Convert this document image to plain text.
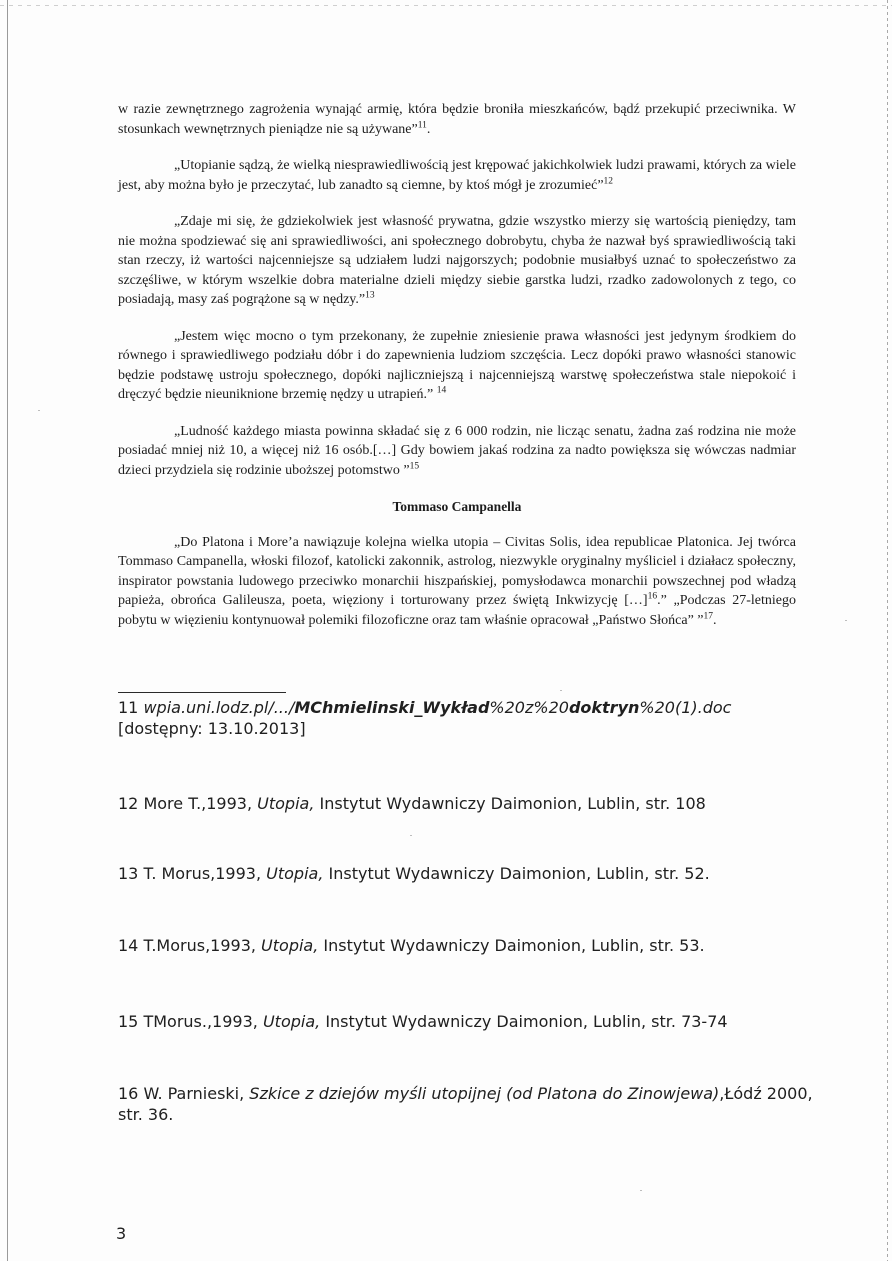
w razie zewnętrznego zagrożenia wynająć armię, która będzie broniła mieszkańców, bądź przekupić przeciwnika. W stosunkach wewnętrznych pieniądze nie są używane”$^{11}$.

„Utopianie sądzą, że wielką niesprawiedliwością jest krępować jakichkolwiek ludzi prawami, których za wiele jest, aby można było je przeczytać, lub zanadto są ciemne, by ktoś mógł je zrozumieć”$^{12}$

„Zdaje mi się, że gdziekolwiek jest własność prywatna, gdzie wszystko mierzy się wartością pieniędzy, tam nie można spodziewać się ani sprawiedliwości, ani społecznego dobrobytu, chyba że nazwał byś sprawiedliwością taki stan rzeczy, iż wartości najcenniejsze są udziałem ludzi najgorszych; podobnie musiałbyś uznać to społeczeństwo za szczęśliwe, w którym wszelkie dobra materialne dzieli między siebie garstka ludzi, rzadko zadowolonych z tego, co posiadają, masy zaś pogrążone są w nędzy.”$^{13}$

„Jestem więc mocno o tym przekonany, że zupełnie zniesienie prawa własności jest jedynym środkiem do równego i sprawiedliwego podziału dóbr i do zapewnienia ludziom szczęścia. Lecz dopóki prawo własności stanowic będzie podstawę ustroju społecznego, dopóki najliczniejszą i najcenniejszą warstwę społeczeństwa stale niepokoić i dręczyć będzie nieuniknione brzemię nędzy u utrapień.” $^{14}$

„Ludność każdego miasta powinna składać się z 6 000 rodzin, nie licząc senatu, żadna zaś rodzina nie może posiadać mniej niż 10, a więcej niż 16 osób.[…] Gdy bowiem jakaś rodzina za nadto powiększa się wówczas nadmiar dzieci przydziela się rodzinie uboższej potomstwo ”$^{15}$

Tommaso Campanella

„Do Platona i More’a nawiązuje kolejna wielka utopia – Civitas Solis, idea republicae Platonica. Jej twórca Tommaso Campanella, włoski filozof, katolicki zakonnik, astrolog, niezwykle oryginalny myśliciel i działacz społeczny, inspirator powstania ludowego przeciwko monarchii hiszpańskiej, pomysłodawca monarchii powszechnej pod władzą papieża, obrońca Galileusza, poeta, więziony i torturowany przez świętą Inkwizycję […]$^{16}$.” „Podczas 27-letniego pobytu w więzieniu kontynuował polemiki filozoficzne oraz tam właśnie opracował „Państwo Słońca” ”$^{17}$.

11 wpia.uni.lodz.pl/.../MChmielinski_Wykład%20z%20doktryn%20(1).doc
[dostępny: 13.10.2013]
12 More T.,1993, Utopia, Instytut Wydawniczy Daimonion, Lublin, str. 108
13 T. Morus,1993, Utopia, Instytut Wydawniczy Daimonion, Lublin, str. 52.
14 T.Morus,1993, Utopia, Instytut Wydawniczy Daimonion, Lublin, str. 53.
15 TMorus.,1993, Utopia, Instytut Wydawniczy Daimonion, Lublin, str. 73-74
16 W. Parnieski, Szkice z dziejów myśli utopijnej (od Platona do Zinowjewa),Łódź 2000, str. 36.
3
